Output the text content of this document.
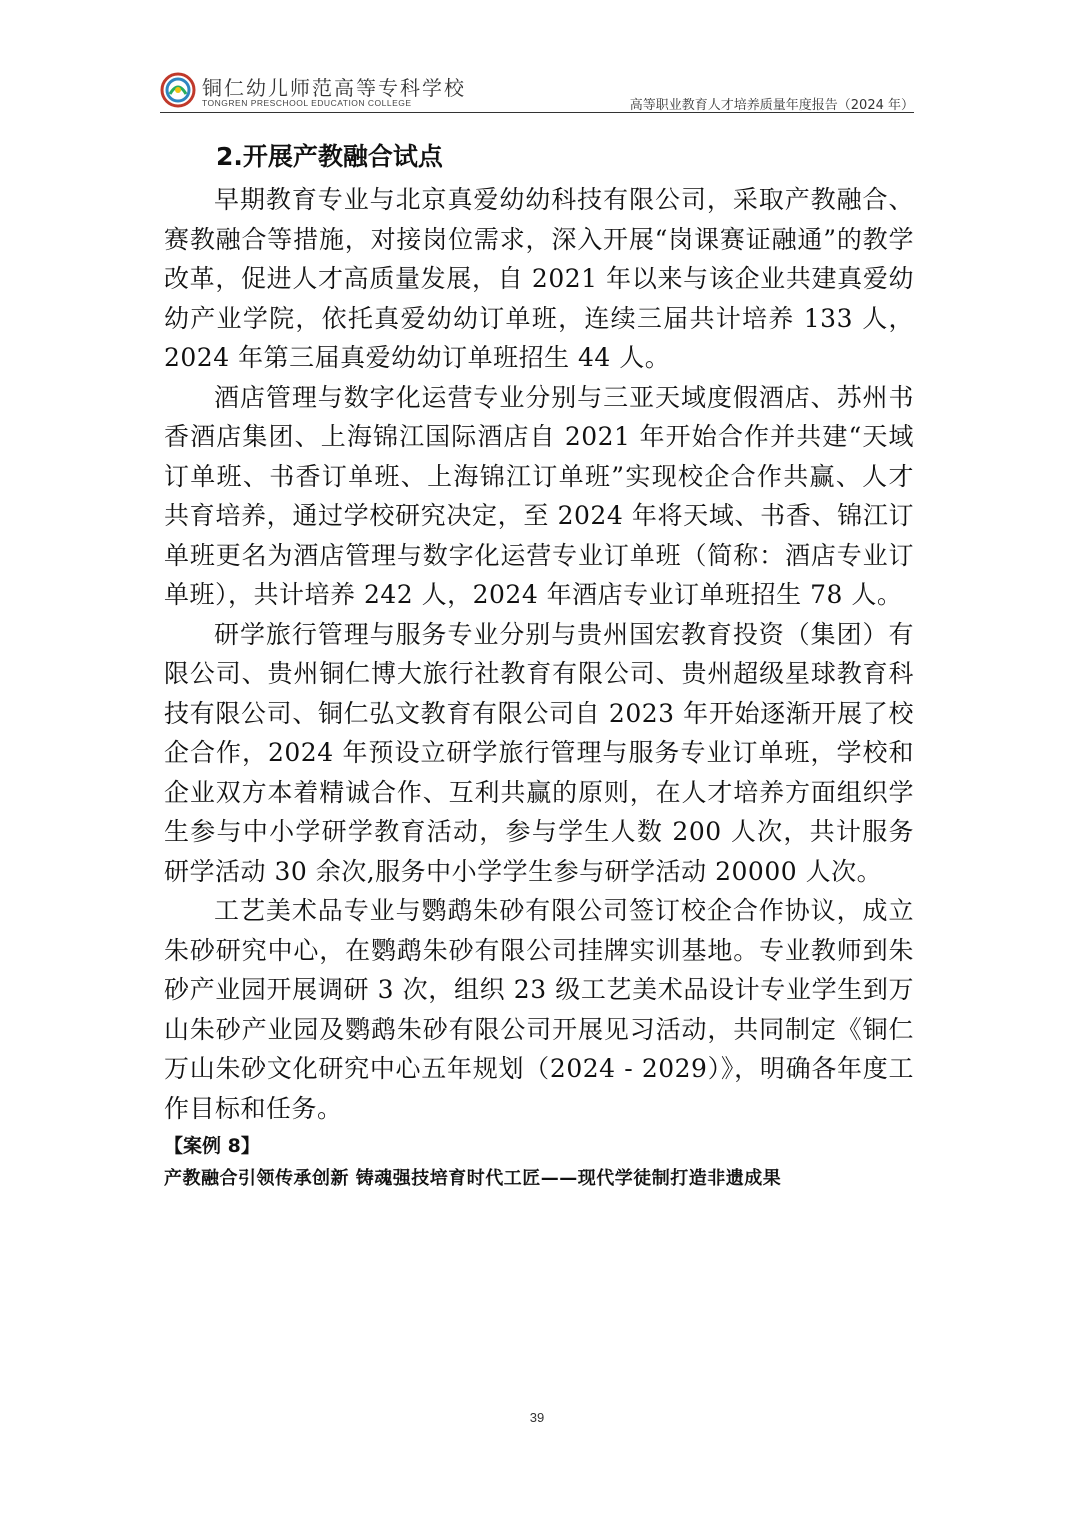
铜仁幼儿师范高等专科学校
TONGREN PRESCHOOL EDUCATION COLLEGE	高等职业教育人才培养质量年度报告（2024 年）
2.开展产教融合试点

早期教育专业与北京真爱幼幼科技有限公司，采取产教融合、赛教融合等措施，对接岗位需求，深入开展“岗课赛证融通”的教学改革，促进人才高质量发展，自 2021 年以来与该企业共建真爱幼幼产业学院，依托真爱幼幼订单班，连续三届共计培养 133 人，2024 年第三届真爱幼幼订单班招生 44 人。

酒店管理与数字化运营专业分别与三亚天域度假酒店、苏州书香酒店集团、上海锦江国际酒店自 2021 年开始合作并共建“天域订单班、书香订单班、上海锦江订单班”实现校企合作共赢、人才共育培养，通过学校研究决定，至 2024 年将天域、书香、锦江订单班更名为酒店管理与数字化运营专业订单班（简称：酒店专业订单班），共计培养 242 人，2024 年酒店专业订单班招生 78 人。

研学旅行管理与服务专业分别与贵州国宏教育投资（集团）有限公司、贵州铜仁博大旅行社教育有限公司、贵州超级星球教育科技有限公司、铜仁弘文教育有限公司自 2023 年开始逐渐开展了校企合作，2024 年预设立研学旅行管理与服务专业订单班，学校和企业双方本着精诚合作、互利共赢的原则，在人才培养方面组织学生参与中小学研学教育活动，参与学生人数 200 人次，共计服务研学活动 30 余次,服务中小学学生参与研学活动 20000 人次。

工艺美术品专业与鹦鹉朱砂有限公司签订校企合作协议，成立朱砂研究中心，在鹦鹉朱砂有限公司挂牌实训基地。专业教师到朱砂产业园开展调研 3 次，组织 23 级工艺美术品设计专业学生到万山朱砂产业园及鹦鹉朱砂有限公司开展见习活动，共同制定《铜仁万山朱砂文化研究中心五年规划（2024 - 2029）》，明确各年度工作目标和任务。

【案例 8】
产教融合引领传承创新 铸魂强技培育时代工匠——现代学徒制打造非遗成果
39
